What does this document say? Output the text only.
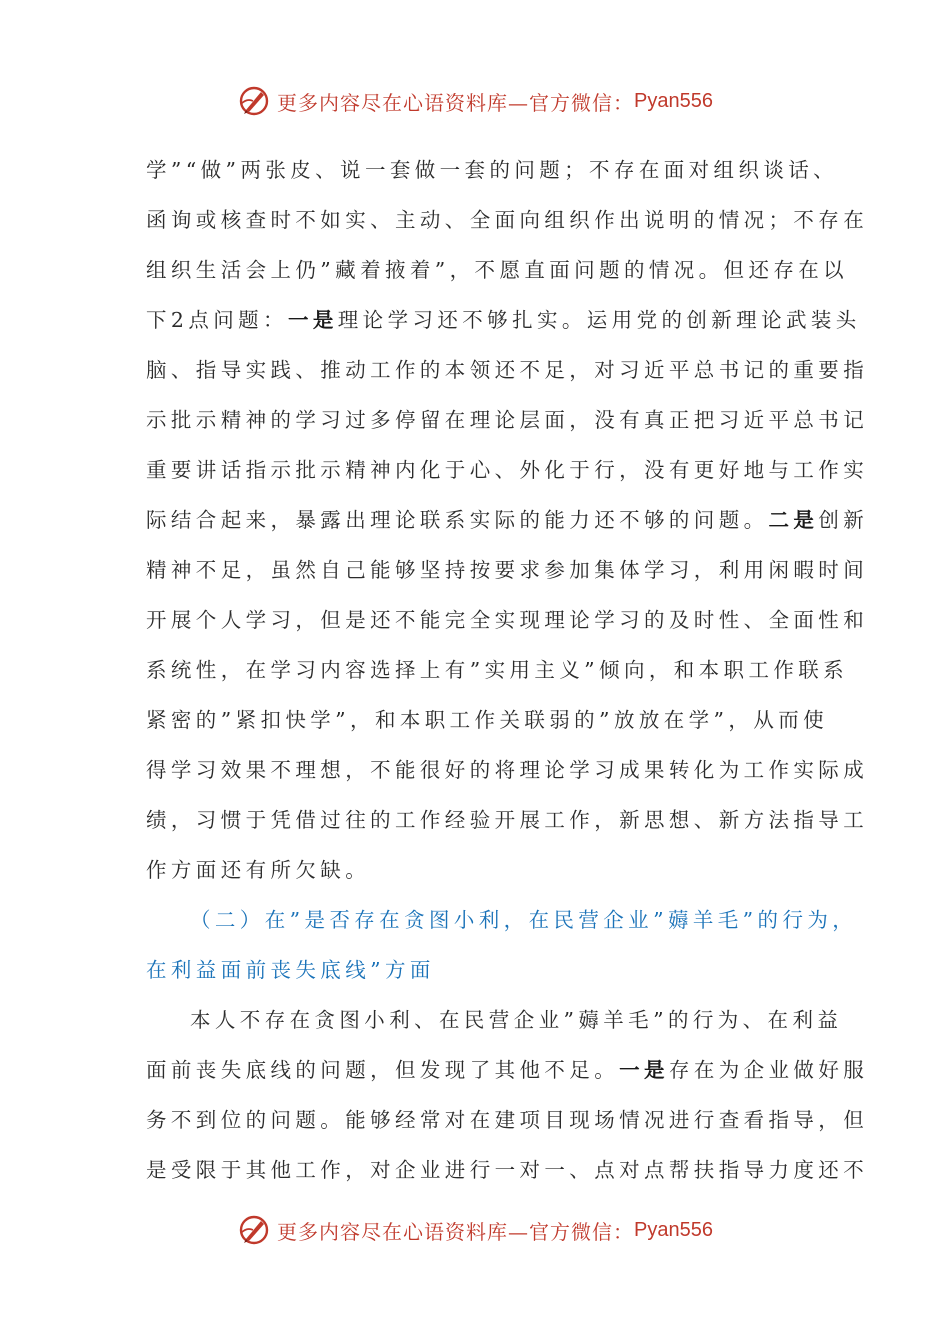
更多内容尽在心语资料库— 官方微信： Pyan556
学”“做”两张皮、说一套做一套的问题；不存在面对组织谈话、
函询或核查时不如实、主动、全面向组织作出说明的情况；不存在
组织生活会上仍”藏着掖着”，不愿直面问题的情况。但还存在以
下2点问题：一是理论学习还不够扎实。运用党的创新理论武装头
脑、指导实践、推动工作的本领还不足，对习近平总书记的重要指
示批示精神的学习过多停留在理论层面，没有真正把习近平总书记
重要讲话指示批示精神内化于心、外化于行，没有更好地与工作实
际结合起来，暴露出理论联系实际的能力还不够的问题。二是创新
精神不足，虽然自己能够坚持按要求参加集体学习，利用闲暇时间
开展个人学习，但是还不能完全实现理论学习的及时性、全面性和
系统性，在学习内容选择上有”实用主义”倾向，和本职工作联系
紧密的”紧扣快学”，和本职工作关联弱的”放放在学”，从而使
得学习效果不理想，不能很好的将理论学习成果转化为工作实际成
绩，习惯于凭借过往的工作经验开展工作，新思想、新方法指导工
作方面还有所欠缺。
（二）在”是否存在贪图小利，在民营企业”薅羊毛”的行为，
在利益面前丧失底线”方面
本人不存在贪图小利、在民营企业”薅羊毛”的行为、在利益
面前丧失底线的问题，但发现了其他不足。一是存在为企业做好服
务不到位的问题。能够经常对在建项目现场情况进行查看指导，但
是受限于其他工作，对企业进行一对一、点对点帮扶指导力度还不
更多内容尽在心语资料库— 官方微信： Pyan556
